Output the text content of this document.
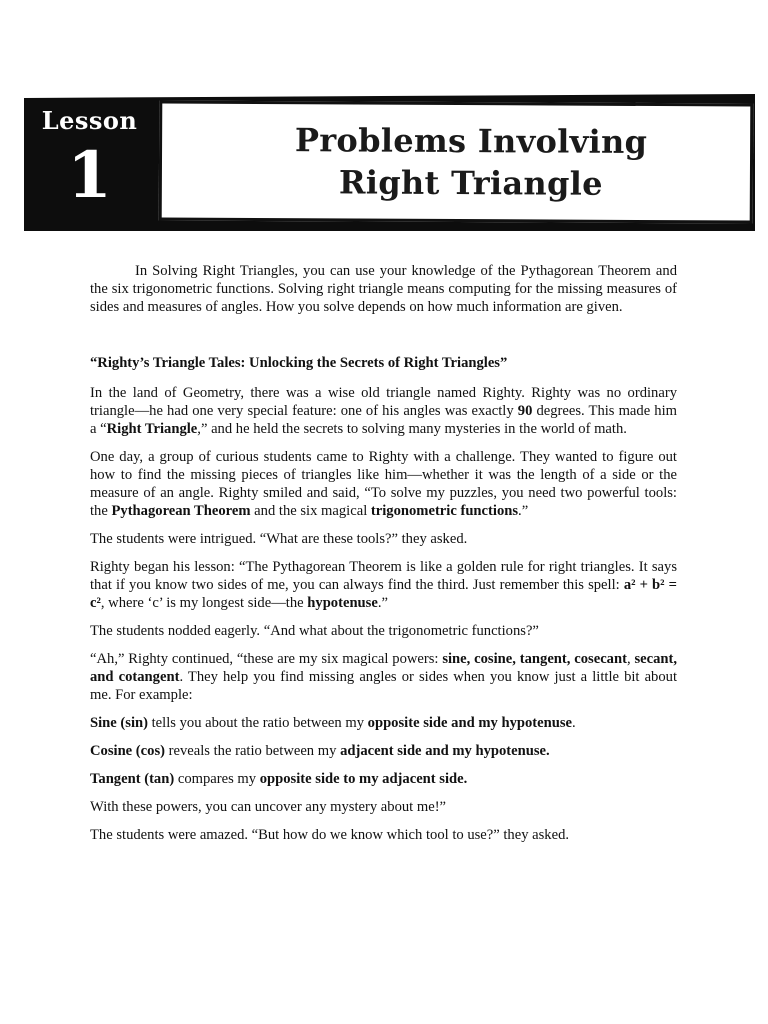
Lesson
1	Problems Involving
Right Triangle

In Solving Right Triangles, you can use your knowledge of the Pythagorean Theorem and the six trigonometric functions. Solving right triangle means computing for the missing measures of sides and measures of angles. How you solve depends on how much information are given.

“Righty’s Triangle Tales: Unlocking the Secrets of Right Triangles”

In the land of Geometry, there was a wise old triangle named Righty. Righty was no ordinary triangle—he had one very special feature: one of his angles was exactly 90 degrees. This made him a “Right Triangle,” and he held the secrets to solving many mysteries in the world of math.

One day, a group of curious students came to Righty with a challenge. They wanted to figure out how to find the missing pieces of triangles like him—whether it was the length of a side or the measure of an angle. Righty smiled and said, “To solve my puzzles, you need two powerful tools: the Pythagorean Theorem and the six magical trigonometric functions.”

The students were intrigued. “What are these tools?” they asked.

Righty began his lesson: “The Pythagorean Theorem is like a golden rule for right triangles. It says that if you know two sides of me, you can always find the third. Just remember this spell: a² + b² = c², where ‘c’ is my longest side—the hypotenuse.”

The students nodded eagerly. “And what about the trigonometric functions?”

“Ah,” Righty continued, “these are my six magical powers: sine, cosine, tangent, cosecant, secant, and cotangent. They help you find missing angles or sides when you know just a little bit about me. For example:

Sine (sin) tells you about the ratio between my opposite side and my hypotenuse.

Cosine (cos) reveals the ratio between my adjacent side and my hypotenuse.

Tangent (tan) compares my opposite side to my adjacent side.

With these powers, you can uncover any mystery about me!”

The students were amazed. “But how do we know which tool to use?” they asked.
